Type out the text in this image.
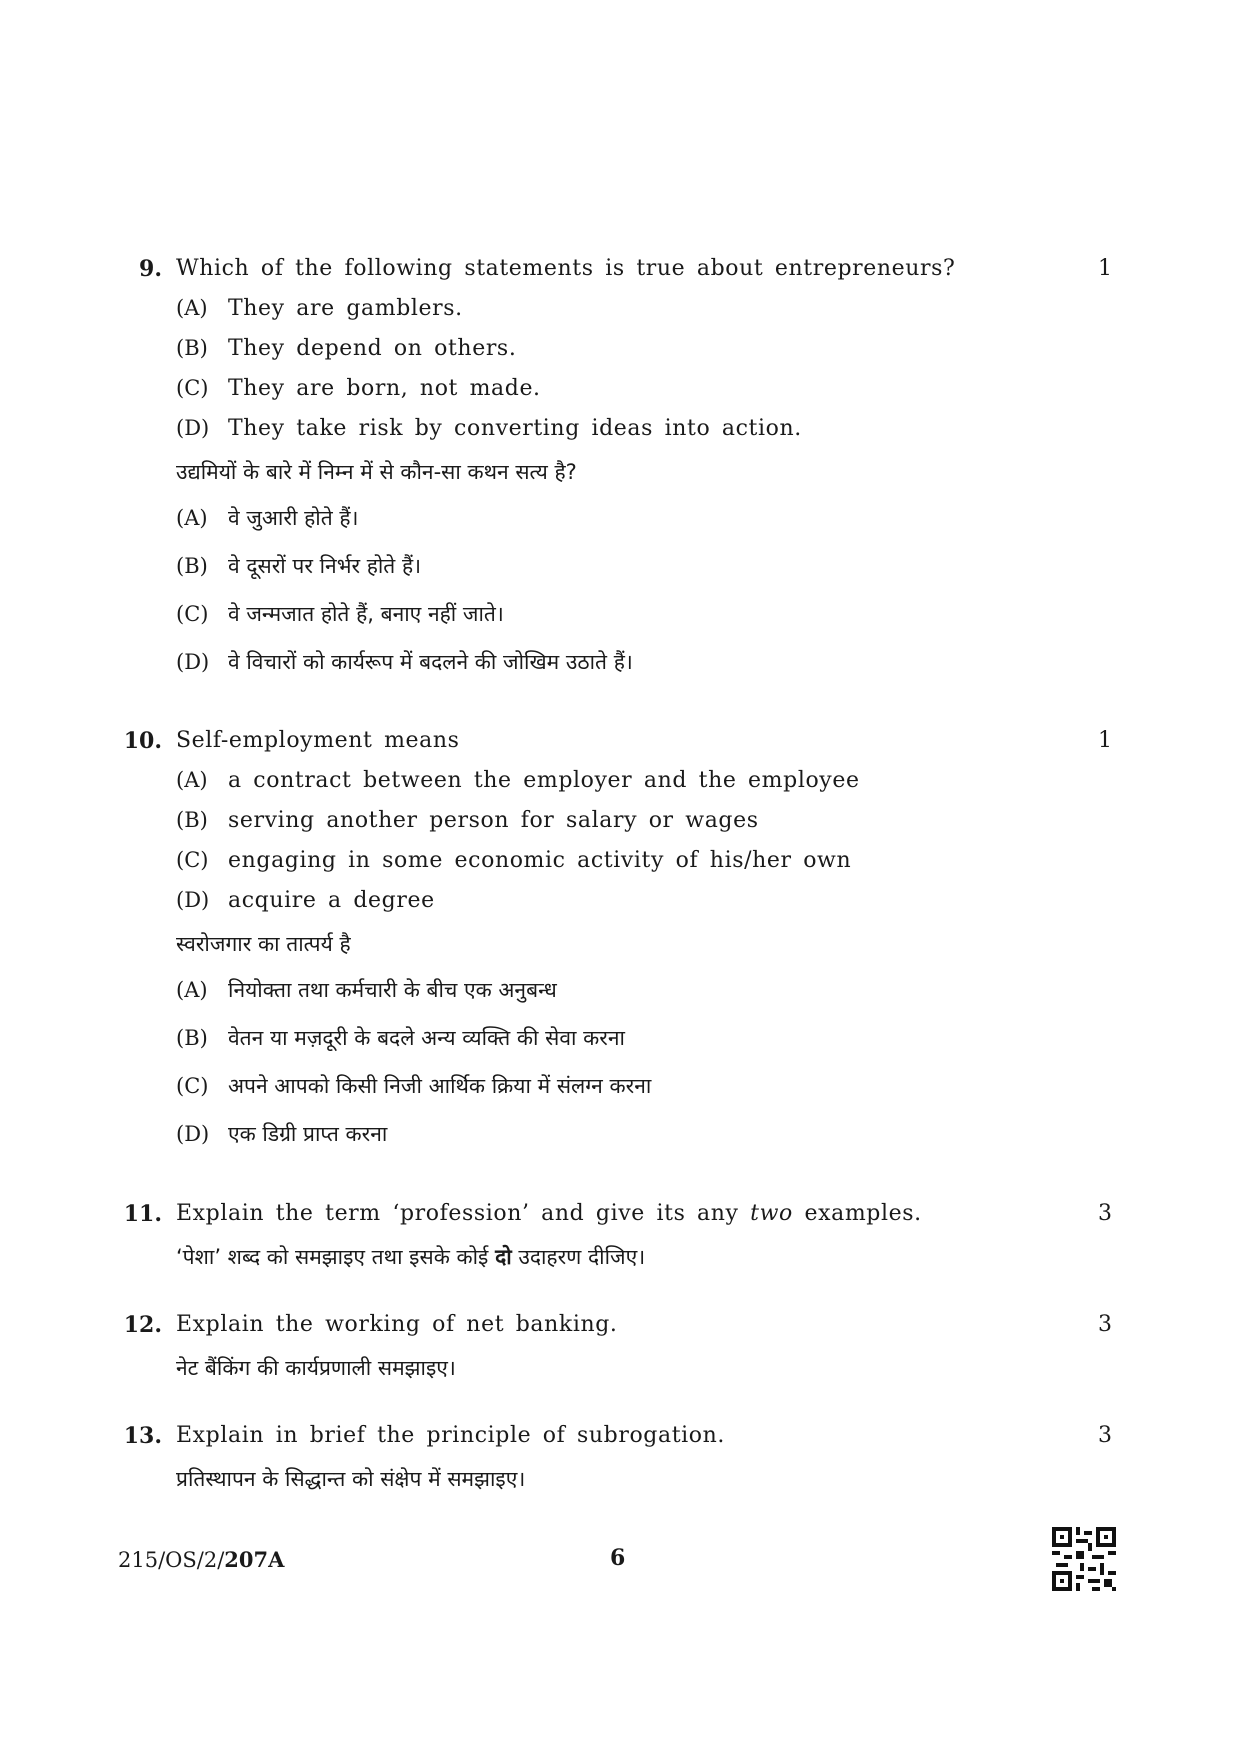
9. Which of the following statements is true about entrepreneurs?	1
(A) They are gamblers.
(B) They depend on others.
(C) They are born, not made.
(D) They take risk by converting ideas into action.
उद्यमियों के बारे में निम्न में से कौन-सा कथन सत्य है?
(A) वे जुआरी होते हैं।
(B) वे दूसरों पर निर्भर होते हैं।
(C) वे जन्मजात होते हैं, बनाए नहीं जाते।
(D) वे विचारों को कार्यरूप में बदलने की जोखिम उठाते हैं।
10. Self-employment means	1
(A) a contract between the employer and the employee
(B) serving another person for salary or wages
(C) engaging in some economic activity of his/her own
(D) acquire a degree
स्वरोजगार का तात्पर्य है
(A) नियोक्ता तथा कर्मचारी के बीच एक अनुबन्ध
(B) वेतन या मज़दूरी के बदले अन्य व्यक्ति की सेवा करना
(C) अपने आपको किसी निजी आर्थिक क्रिया में संलग्न करना
(D) एक डिग्री प्राप्त करना
11. Explain the term ‘profession’ and give its any two examples.	3
‘पेशा’ शब्द को समझाइए तथा इसके कोई दो उदाहरण दीजिए।
12. Explain the working of net banking.	3
नेट बैंकिंग की कार्यप्रणाली समझाइए।
13. Explain in brief the principle of subrogation.	3
प्रतिस्थापन के सिद्धान्त को संक्षेप में समझाइए।
215/OS/2/207A	6
